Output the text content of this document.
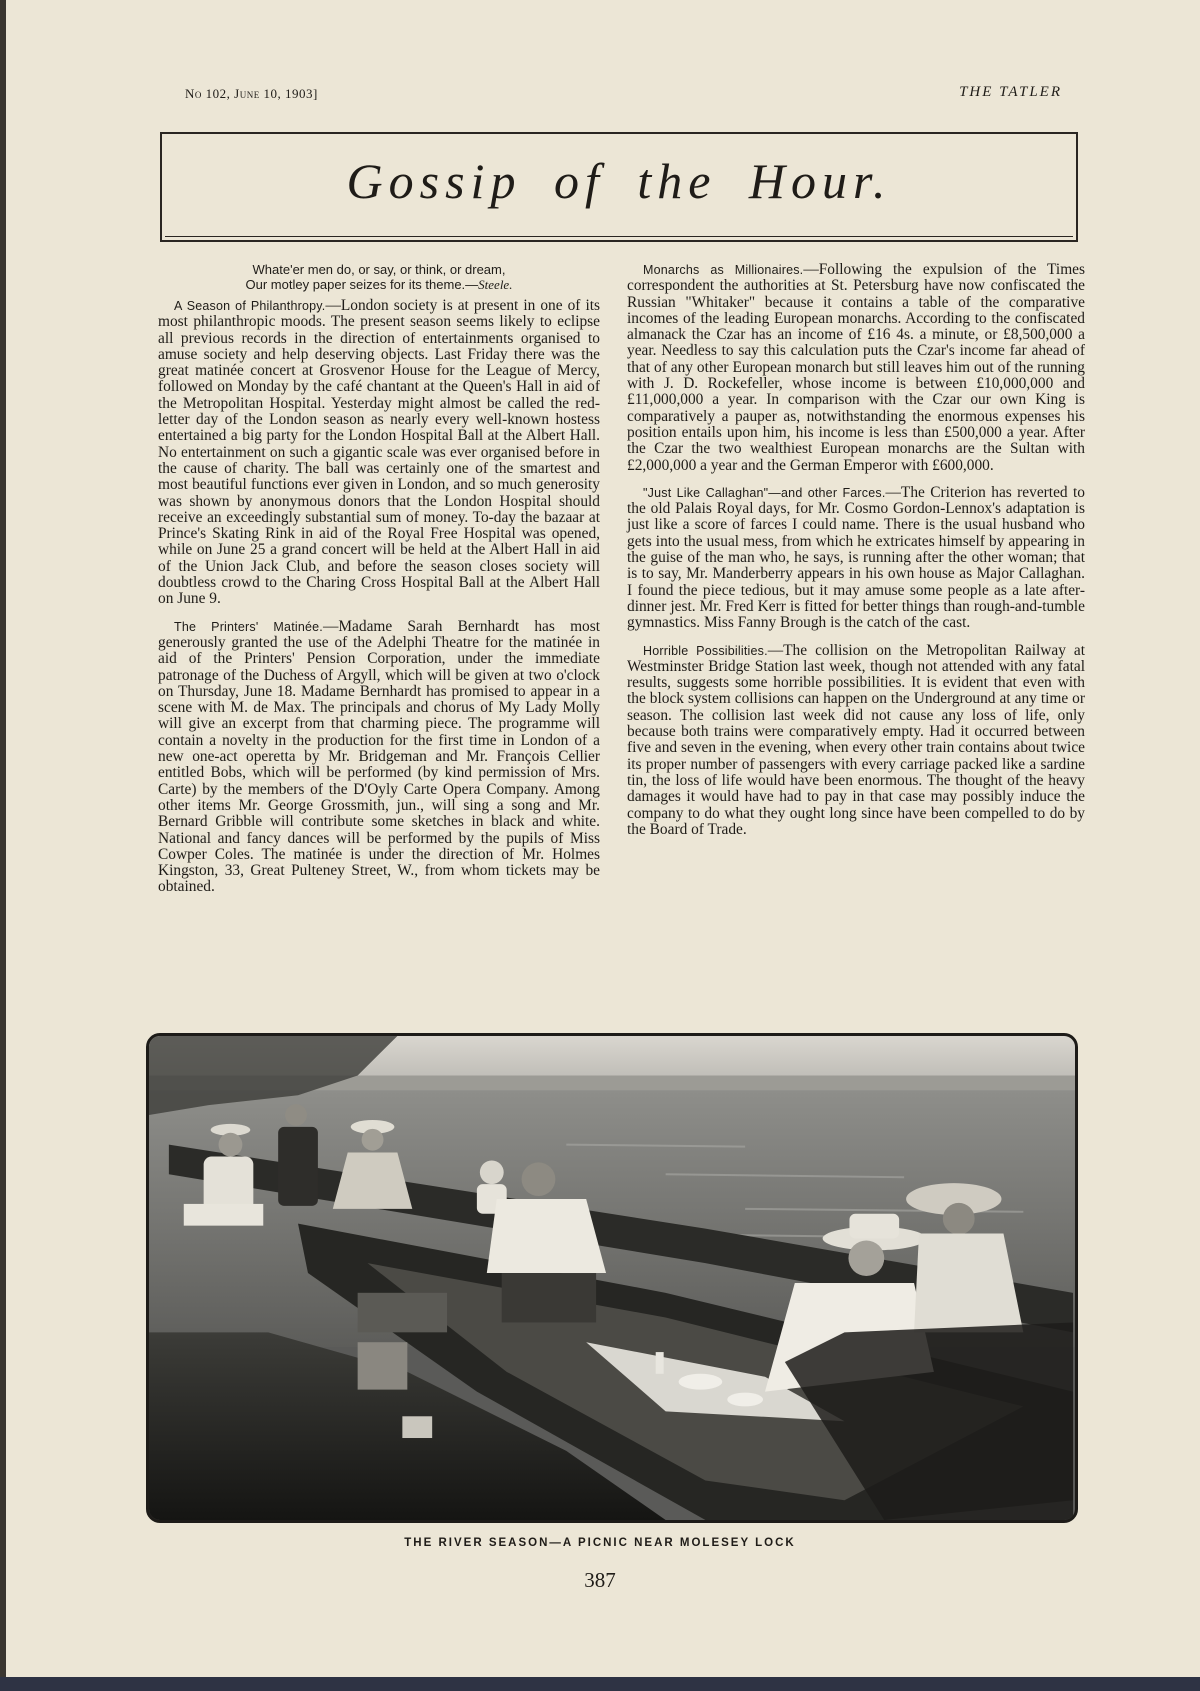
No 102, June 10, 1903]	THE TATLER
Gossip of the Hour.
Whate'er men do, or say, or think, or dream,
Our motley paper seizes for its theme.—Steele.

A Season of Philanthropy.—London society is at present in one of its most philanthropic moods. The present season seems likely to eclipse all previous records in the direction of entertainments organised to amuse society and help deserving objects. Last Friday there was the great matinée concert at Grosvenor House for the League of Mercy, followed on Monday by the café chantant at the Queen's Hall in aid of the Metropolitan Hospital. Yesterday might almost be called the red-letter day of the London season as nearly every well-known hostess entertained a big party for the London Hospital Ball at the Albert Hall. No entertainment on such a gigantic scale was ever organised before in the cause of charity. The ball was certainly one of the smartest and most beautiful functions ever given in London, and so much generosity was shown by anonymous donors that the London Hospital should receive an exceedingly substantial sum of money. To-day the bazaar at Prince's Skating Rink in aid of the Royal Free Hospital was opened, while on June 25 a grand concert will be held at the Albert Hall in aid of the Union Jack Club, and before the season closes society will doubtless crowd to the Charing Cross Hospital Ball at the Albert Hall on June 9.

The Printers' Matinée.—Madame Sarah Bernhardt has most generously granted the use of the Adelphi Theatre for the matinée in aid of the Printers' Pension Corporation, under the immediate patronage of the Duchess of Argyll, which will be given at two o'clock on Thursday, June 18. Madame Bernhardt has promised to appear in a scene with M. de Max. The principals and chorus of My Lady Molly will give an excerpt from that charming piece. The programme will contain a novelty in the production for the first time in London of a new one-act operetta by Mr. Bridgeman and Mr. François Cellier entitled Bobs, which will be performed (by kind permission of Mrs. Carte) by the members of the D'Oyly Carte Opera Company. Among other items Mr. George Grossmith, jun., will sing a song and Mr. Bernard Gribble will contribute some sketches in black and white. National and fancy dances will be performed by the pupils of Miss Cowper Coles. The matinée is under the direction of Mr. Holmes Kingston, 33, Great Pulteney Street, W., from whom tickets may be obtained.

Monarchs as Millionaires.—Following the expulsion of the Times correspondent the authorities at St. Petersburg have now confiscated the Russian "Whitaker" because it contains a table of the comparative incomes of the leading European monarchs. According to the confiscated almanack the Czar has an income of £16 4s. a minute, or £8,500,000 a year. Needless to say this calculation puts the Czar's income far ahead of that of any other European monarch but still leaves him out of the running with J. D. Rockefeller, whose income is between £10,000,000 and £11,000,000 a year. In comparison with the Czar our own King is comparatively a pauper as, notwithstanding the enormous expenses his position entails upon him, his income is less than £500,000 a year. After the Czar the two wealthiest European monarchs are the Sultan with £2,000,000 a year and the German Emperor with £600,000.

"Just Like Callaghan"—and other Farces.—The Criterion has reverted to the old Palais Royal days, for Mr. Cosmo Gordon-Lennox's adaptation is just like a score of farces I could name. There is the usual husband who gets into the usual mess, from which he extricates himself by appearing in the guise of the man who, he says, is running after the other woman; that is to say, Mr. Manderberry appears in his own house as Major Callaghan. I found the piece tedious, but it may amuse some people as a late after-dinner jest. Mr. Fred Kerr is fitted for better things than rough-and-tumble gymnastics. Miss Fanny Brough is the catch of the cast.

Horrible Possibilities.—The collision on the Metropolitan Railway at Westminster Bridge Station last week, though not attended with any fatal results, suggests some horrible possibilities. It is evident that even with the block system collisions can happen on the Underground at any time or season. The collision last week did not cause any loss of life, only because both trains were comparatively empty. Had it occurred between five and seven in the evening, when every other train contains about twice its proper number of passengers with every carriage packed like a sardine tin, the loss of life would have been enormous. The thought of the heavy damages it would have had to pay in that case may possibly induce the company to do what they ought long since have been compelled to do by the Board of Trade.

THE RIVER SEASON—A PICNIC NEAR MOLESEY LOCK
387
